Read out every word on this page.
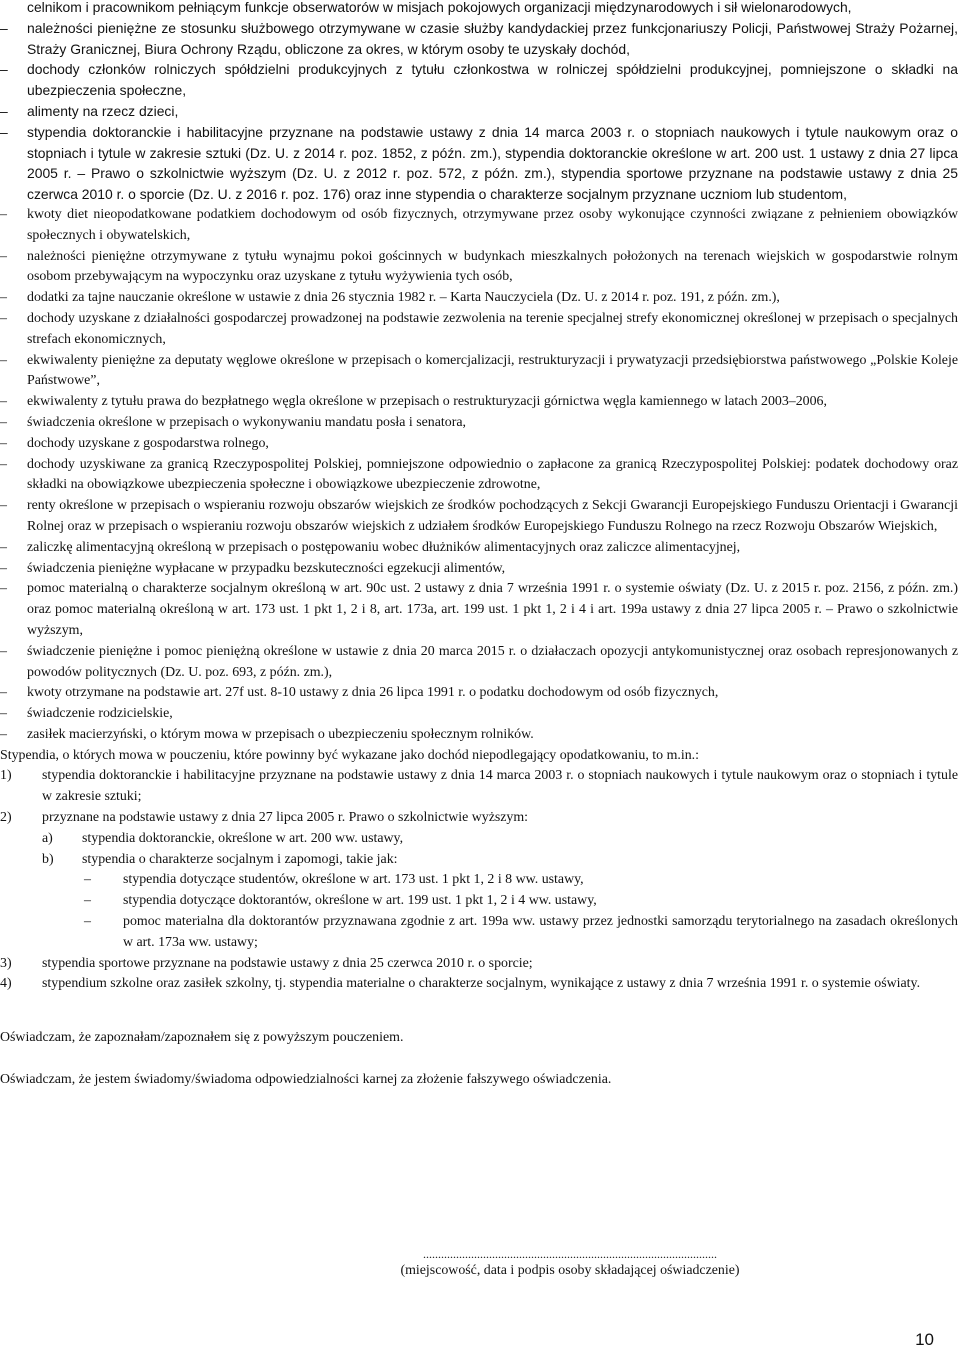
celnikom i pracownikom pełniącym funkcje obserwatorów w misjach pokojowych organizacji międzynarodowych i sił wielonarodowych,
–	należności pieniężne ze stosunku służbowego otrzymywane w czasie służby kandydackiej przez funkcjonariuszy Policji, Państwowej Straży Pożarnej, Straży Granicznej, Biura Ochrony Rządu, obliczone za okres, w którym osoby te uzyskały dochód,
–	dochody członków rolniczych spółdzielni produkcyjnych z tytułu członkostwa w rolniczej spółdzielni produkcyjnej, pomniejszone o składki na ubezpieczenia społeczne,
–	alimenty na rzecz dzieci,
–	stypendia doktoranckie i habilitacyjne przyznane na podstawie ustawy z dnia 14 marca 2003 r. o stopniach naukowych i tytule naukowym oraz o stopniach i tytule w zakresie sztuki (Dz. U. z 2014 r. poz. 1852, z późn. zm.), stypendia doktoranckie określone w art. 200 ust. 1 ustawy z dnia 27 lipca 2005 r. – Prawo o szkolnictwie wyższym (Dz. U. z 2012 r. poz. 572, z późn. zm.), stypendia sportowe przyznane na podstawie ustawy z dnia 25 czerwca 2010 r. o sporcie (Dz. U. z 2016 r. poz. 176) oraz inne stypendia o charakterze socjalnym przyznane uczniom lub studentom,
–	kwoty diet nieopodatkowane podatkiem dochodowym od osób fizycznych, otrzymywane przez osoby wykonujące czynności związane z pełnieniem obowiązków społecznych i obywatelskich,
–	należności pieniężne otrzymywane z tytułu wynajmu pokoi gościnnych w budynkach mieszkalnych położonych na terenach wiejskich w gospodarstwie rolnym osobom przebywającym na wypoczynku oraz uzyskane z tytułu wyżywienia tych osób,
–	dodatki za tajne nauczanie określone w ustawie z dnia 26 stycznia 1982 r. – Karta Nauczyciela (Dz. U. z 2014 r. poz. 191, z późn. zm.),
–	dochody uzyskane z działalności gospodarczej prowadzonej na podstawie zezwolenia na terenie specjalnej strefy ekonomicznej określonej w przepisach o specjalnych strefach ekonomicznych,
–	ekwiwalenty pieniężne za deputaty węglowe określone w przepisach o komercjalizacji, restrukturyzacji i prywatyzacji przedsiębiorstwa państwowego „Polskie Koleje Państwowe”,
–	ekwiwalenty z tytułu prawa do bezpłatnego węgla określone w przepisach o restrukturyzacji górnictwa węgla kamiennego w latach 2003–2006,
–	świadczenia określone w przepisach o wykonywaniu mandatu posła i senatora,
–	dochody uzyskane z gospodarstwa rolnego,
–	dochody uzyskiwane za granicą Rzeczypospolitej Polskiej, pomniejszone odpowiednio o zapłacone za granicą Rzeczypospolitej Polskiej: podatek dochodowy oraz składki na obowiązkowe ubezpieczenia społeczne i obowiązkowe ubezpieczenie zdrowotne,
–	renty określone w przepisach o wspieraniu rozwoju obszarów wiejskich ze środków pochodzących z Sekcji Gwarancji Europejskiego Funduszu Orientacji i Gwarancji Rolnej oraz w przepisach o wspieraniu rozwoju obszarów wiejskich z udziałem środków Europejskiego Funduszu Rolnego na rzecz Rozwoju Obszarów Wiejskich,
–	zaliczkę alimentacyjną określoną w przepisach o postępowaniu wobec dłużników alimentacyjnych oraz zaliczce alimentacyjnej,
–	świadczenia pieniężne wypłacane w przypadku bezskuteczności egzekucji alimentów,
–	pomoc materialną o charakterze socjalnym określoną w art. 90c ust. 2 ustawy z dnia 7 września 1991 r. o systemie oświaty (Dz. U. z 2015 r. poz. 2156, z późn. zm.) oraz pomoc materialną określoną w art. 173 ust. 1 pkt 1, 2 i 8, art. 173a, art. 199 ust. 1 pkt 1, 2 i 4 i art. 199a ustawy z dnia 27 lipca 2005 r. – Prawo o szkolnictwie wyższym,
–	świadczenie pieniężne i pomoc pieniężną określone w ustawie z dnia 20 marca 2015 r. o działaczach opozycji antykomunistycznej oraz osobach represjonowanych z powodów politycznych (Dz. U. poz. 693, z późn. zm.),
–	kwoty otrzymane na podstawie art. 27f ust. 8-10 ustawy z dnia 26 lipca 1991 r. o podatku dochodowym od osób fizycznych,
–	świadczenie rodzicielskie,
–	zasiłek macierzyński, o którym mowa w przepisach o ubezpieczeniu społecznym rolników.
Stypendia, o których mowa w pouczeniu, które powinny być wykazane jako dochód niepodlegający opodatkowaniu, to m.in.:
1) stypendia doktoranckie i habilitacyjne przyznane na podstawie ustawy z dnia 14 marca 2003 r. o stopniach naukowych i tytule naukowym oraz o stopniach i tytule w zakresie sztuki;
2) przyznane na podstawie ustawy z dnia 27 lipca 2005 r. Prawo o szkolnictwie wyższym:
a) stypendia doktoranckie, określone w art. 200 ww. ustawy,
b) stypendia o charakterze socjalnym i zapomogi, takie jak:
– stypendia dotyczące studentów, określone w art. 173 ust. 1 pkt 1, 2 i 8 ww. ustawy,
– stypendia dotyczące doktorantów, określone w art. 199 ust. 1 pkt 1, 2 i 4 ww. ustawy,
– pomoc materialna dla doktorantów przyznawana zgodnie z art. 199a ww. ustawy przez jednostki samorządu terytorialnego na zasadach określonych w art. 173a ww. ustawy;
3) stypendia sportowe przyznane na podstawie ustawy z dnia 25 czerwca 2010 r. o sporcie;
4) stypendium szkolne oraz zasiłek szkolny, tj. stypendia materialne o charakterze socjalnym, wynikające z ustawy z dnia 7 września 1991 r. o systemie oświaty.
Oświadczam, że zapoznałam/zapoznałem się z powyższym pouczeniem.
Oświadczam, że jestem świadomy/świadoma odpowiedzialności karnej za złożenie fałszywego oświadczenia.
..................................................................................................
(miejscowość, data i podpis osoby składającej oświadczenie)
10
